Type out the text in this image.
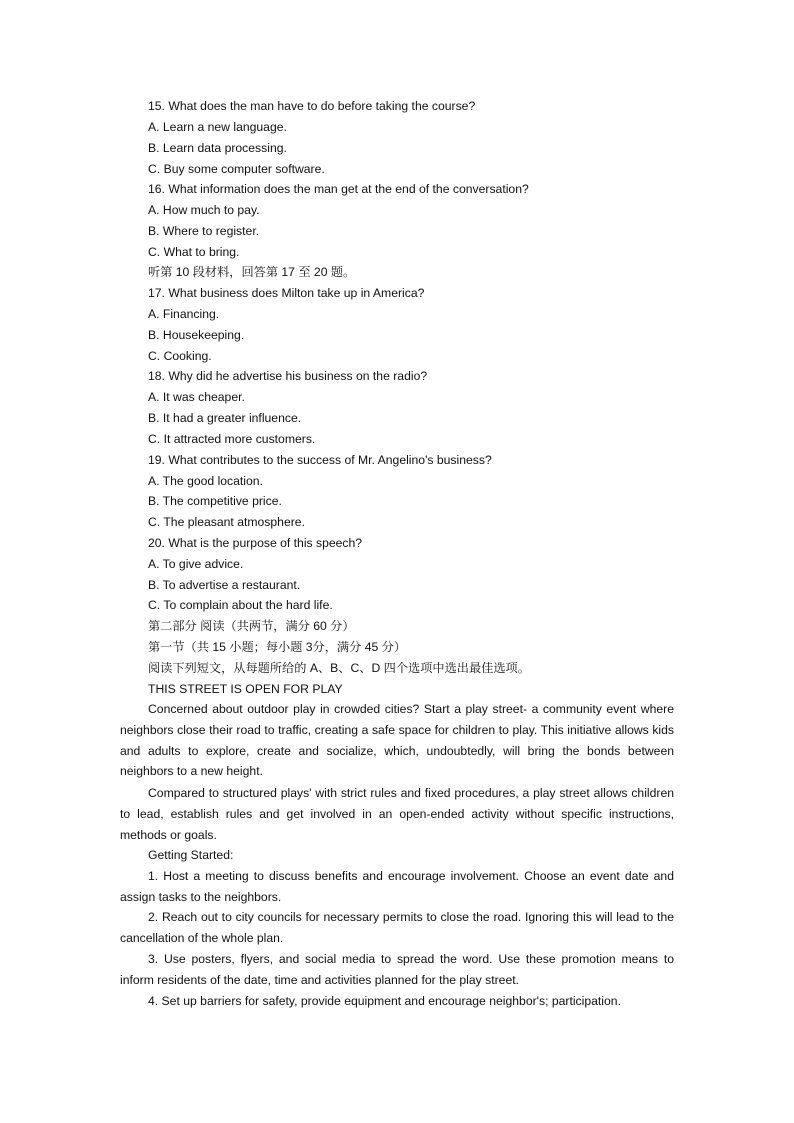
15. What does the man have to do before taking the course?
A. Learn a new language.
B. Learn data processing.
C. Buy some computer software.
16. What information does the man get at the end of the conversation?
A. How much to pay.
B. Where to register.
C. What to bring.
听第 10 段材料，回答第 17 至 20 题。
17. What business does Milton take up in America?
A. Financing.
B. Housekeeping.
C. Cooking.
18. Why did he advertise his business on the radio?
A. It was cheaper.
B. It had a greater influence.
C. It attracted more customers.
19. What contributes to the success of Mr. Angelino's business?
A. The good location.
B. The competitive price.
C. The pleasant atmosphere.
20. What is the purpose of this speech?
A. To give advice.
B. To advertise a restaurant.
C. To complain about the hard life.
第二部分 阅读（共两节，满分 60 分）
第一节（共 15 小题；每小题 3分，满分 45 分）
阅读下列短文，从每题所给的 A、B、C、D 四个选项中选出最佳选项。
THIS STREET IS OPEN FOR PLAY
Concerned about outdoor play in crowded cities? Start a play street- a community event where neighbors close their road to traffic, creating a safe space for children to play. This initiative allows kids and adults to explore, create and socialize, which, undoubtedly, will bring the bonds between neighbors to a new height.
Compared to structured plays' with strict rules and fixed procedures, a play street allows children to lead, establish rules and get involved in an open-ended activity without specific instructions, methods or goals.
Getting Started:
1. Host a meeting to discuss benefits and encourage involvement. Choose an event date and assign tasks to the neighbors.
2. Reach out to city councils for necessary permits to close the road. Ignoring this will lead to the cancellation of the whole plan.
3. Use posters, flyers, and social media to spread the word. Use these promotion means to inform residents of the date, time and activities planned for the play street.
4. Set up barriers for safety, provide equipment and encourage neighbor's; participation.
